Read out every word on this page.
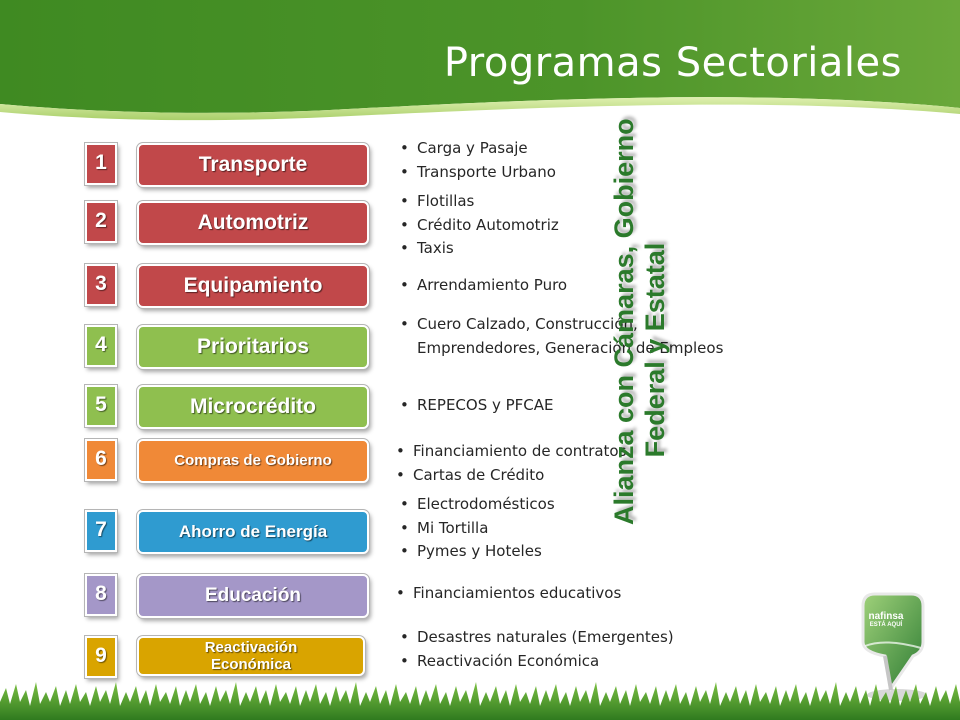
Programas Sectoriales
1	Transporte
• Carga y Pasaje
• Transporte Urbano
2	Automotriz
• Flotillas
• Crédito Automotriz
• Taxis
3	Equipamiento	• Arrendamiento Puro
4	Prioritarios
• Cuero Calzado, Construcción, Emprendedores, Generación de Empleos
5	Microcrédito	• REPECOS y PFCAE
6	Compras de Gobierno
• Financiamiento de contratos
• Cartas de Crédito
7	Ahorro de Energía
• Electrodomésticos
• Mi Tortilla
• Pymes y Hoteles
8	Educación	• Financiamientos educativos
9	Reactivación Económica
• Desastres naturales (Emergentes)
• Reactivación Económica
Alianza con Cámaras, Gobierno Federal y Estatal
nafinsa
ESTÁ AQUÍ
